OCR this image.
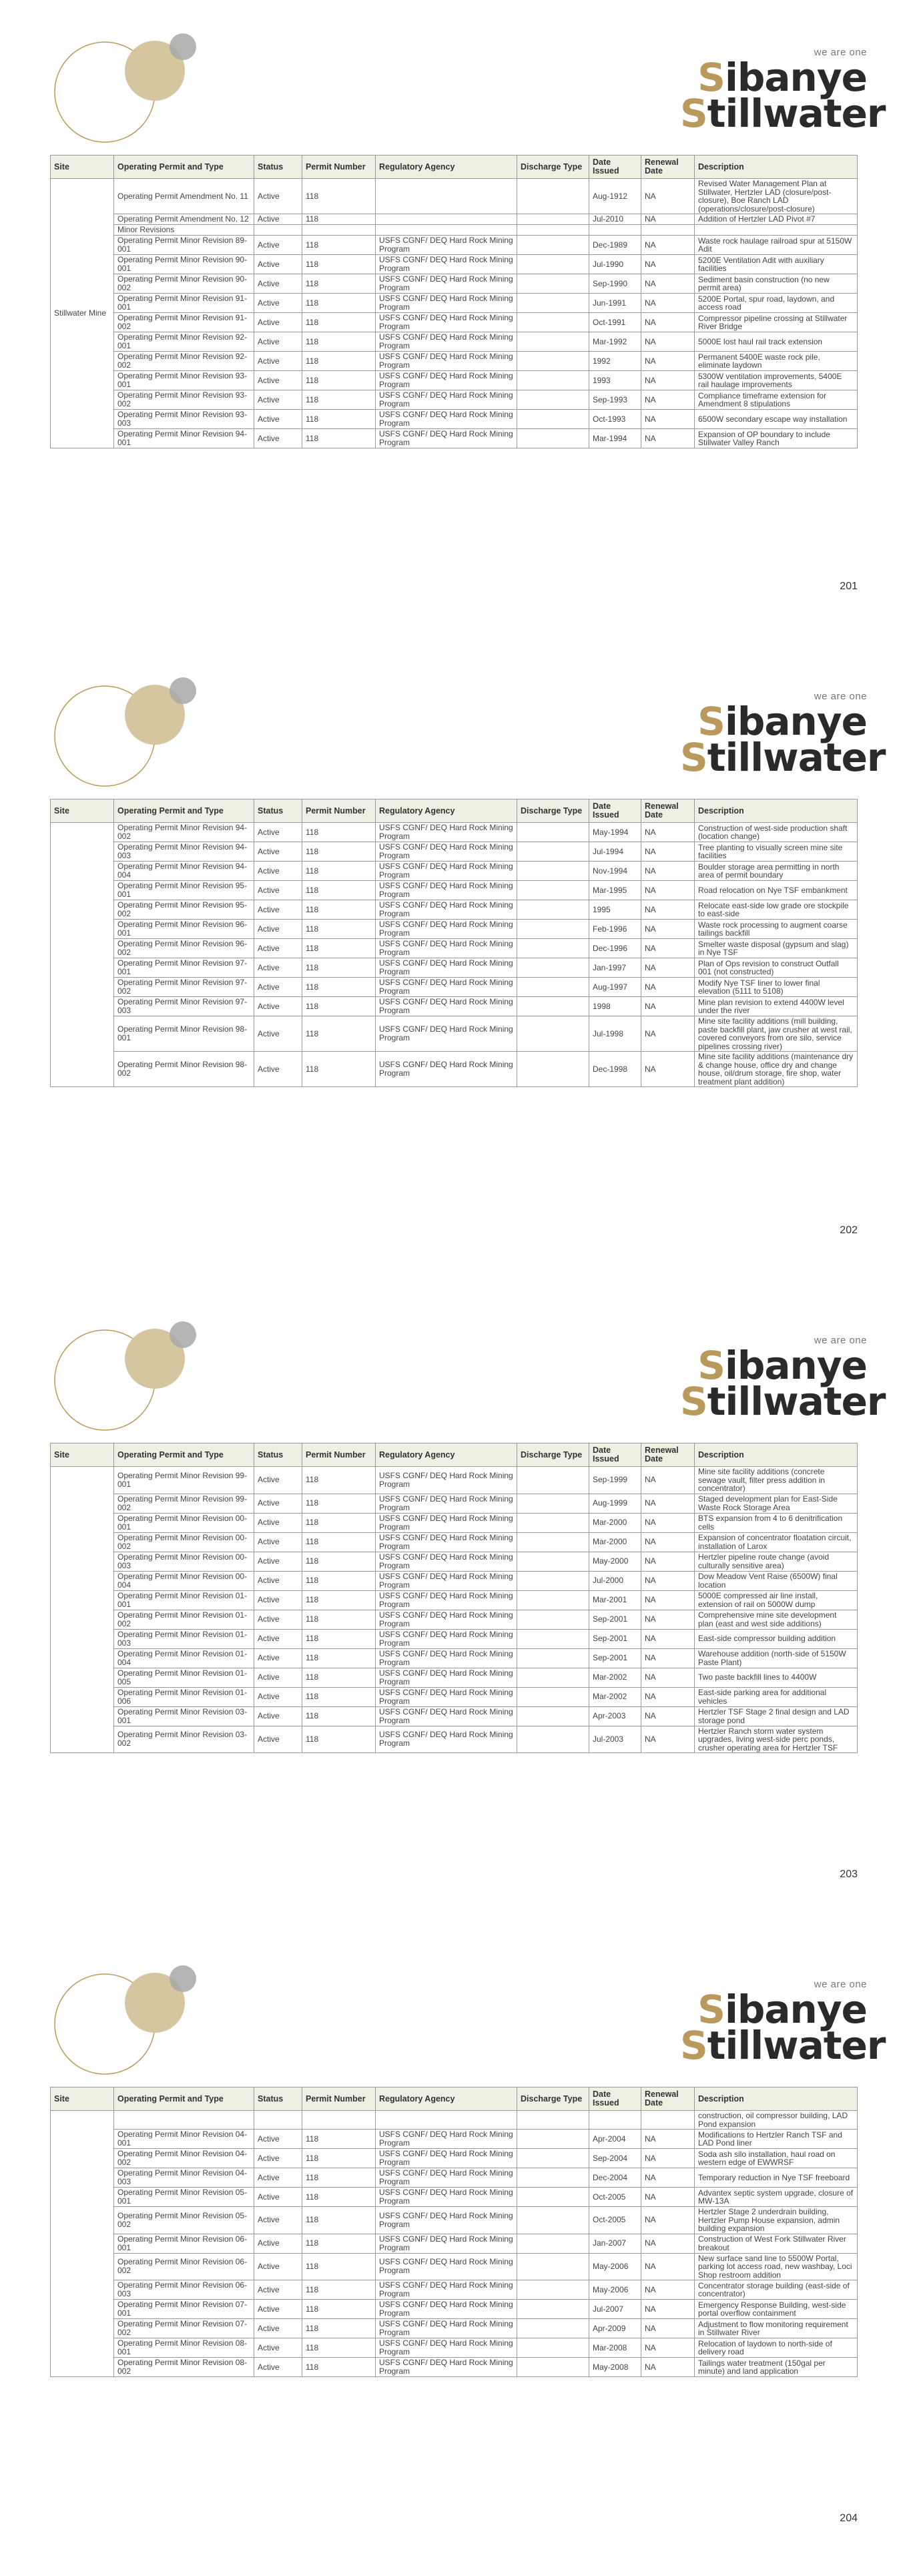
we are one
Sibanye
Stillwater
Site	Operating Permit and Type	Status	Permit Number	Regulatory Agency	Discharge Type	Date Issued	Renewal Date	Description
Stillwater Mine	Operating Permit Amendment No. 11	Active	118			Aug-1912	NA	Revised Water Management Plan at Stillwater, Hertzler LAD (closure/post-closure), Boe Ranch LAD (operations/closure/post-closure)
	Operating Permit Amendment No. 12	Active	118			Jul-2010	NA	Addition of Hertzler LAD Pivot #7
	Minor Revisions							
	Operating Permit Minor Revision 89-001	Active	118	USFS CGNF/ DEQ Hard Rock Mining Program		Dec-1989	NA	Waste rock haulage railroad spur at 5150W Adit
	Operating Permit Minor Revision 90-001	Active	118	USFS CGNF/ DEQ Hard Rock Mining Program		Jul-1990	NA	5200E Ventilation Adit with auxiliary facilities
	Operating Permit Minor Revision 90-002	Active	118	USFS CGNF/ DEQ Hard Rock Mining Program		Sep-1990	NA	Sediment basin construction (no new permit area)
	Operating Permit Minor Revision 91-001	Active	118	USFS CGNF/ DEQ Hard Rock Mining Program		Jun-1991	NA	5200E Portal, spur road, laydown, and access road
	Operating Permit Minor Revision 91-002	Active	118	USFS CGNF/ DEQ Hard Rock Mining Program		Oct-1991	NA	Compressor pipeline crossing at Stillwater River Bridge
	Operating Permit Minor Revision 92-001	Active	118	USFS CGNF/ DEQ Hard Rock Mining Program		Mar-1992	NA	5000E lost haul rail track extension
	Operating Permit Minor Revision 92-002	Active	118	USFS CGNF/ DEQ Hard Rock Mining Program		1992	NA	Permanent 5400E waste rock pile, eliminate laydown
	Operating Permit Minor Revision 93-001	Active	118	USFS CGNF/ DEQ Hard Rock Mining Program		1993	NA	5300W ventilation improvements, 5400E rail haulage improvements
	Operating Permit Minor Revision 93-002	Active	118	USFS CGNF/ DEQ Hard Rock Mining Program		Sep-1993	NA	Compliance timeframe extension for Amendment 8 stipulations
	Operating Permit Minor Revision 93-003	Active	118	USFS CGNF/ DEQ Hard Rock Mining Program		Oct-1993	NA	6500W secondary escape way installation
	Operating Permit Minor Revision 94-001	Active	118	USFS CGNF/ DEQ Hard Rock Mining Program		Mar-1994	NA	Expansion of OP boundary to include Stillwater Valley Ranch
201
we are one
Sibanye
Stillwater
Site	Operating Permit and Type	Status	Permit Number	Regulatory Agency	Discharge Type	Date Issued	Renewal Date	Description
	Operating Permit Minor Revision 94-002	Active	118	USFS CGNF/ DEQ Hard Rock Mining Program		May-1994	NA	Construction of west-side production shaft (location change)
	Operating Permit Minor Revision 94-003	Active	118	USFS CGNF/ DEQ Hard Rock Mining Program		Jul-1994	NA	Tree planting to visually screen mine site facilities
	Operating Permit Minor Revision 94-004	Active	118	USFS CGNF/ DEQ Hard Rock Mining Program		Nov-1994	NA	Boulder storage area permitting in north area of permit boundary
	Operating Permit Minor Revision 95-001	Active	118	USFS CGNF/ DEQ Hard Rock Mining Program		Mar-1995	NA	Road relocation on Nye TSF embankment
	Operating Permit Minor Revision 95-002	Active	118	USFS CGNF/ DEQ Hard Rock Mining Program		1995	NA	Relocate east-side low grade ore stockpile to east-side
	Operating Permit Minor Revision 96-001	Active	118	USFS CGNF/ DEQ Hard Rock Mining Program		Feb-1996	NA	Waste rock processing to augment coarse tailings backfill
	Operating Permit Minor Revision 96-002	Active	118	USFS CGNF/ DEQ Hard Rock Mining Program		Dec-1996	NA	Smelter waste disposal (gypsum and slag) in Nye TSF
	Operating Permit Minor Revision 97-001	Active	118	USFS CGNF/ DEQ Hard Rock Mining Program		Jan-1997	NA	Plan of Ops revision to construct Outfall 001 (not constructed)
	Operating Permit Minor Revision 97-002	Active	118	USFS CGNF/ DEQ Hard Rock Mining Program		Aug-1997	NA	Modify Nye TSF liner to lower final elevation (5111 to 5108)
	Operating Permit Minor Revision 97-003	Active	118	USFS CGNF/ DEQ Hard Rock Mining Program		1998	NA	Mine plan revision to extend 4400W level under the river
	Operating Permit Minor Revision 98-001	Active	118	USFS CGNF/ DEQ Hard Rock Mining Program		Jul-1998	NA	Mine site facility additions (mill building, paste backfill plant, jaw crusher at west rail, covered conveyors from ore silo, service pipelines crossing river)
	Operating Permit Minor Revision 98-002	Active	118	USFS CGNF/ DEQ Hard Rock Mining Program		Dec-1998	NA	Mine site facility additions (maintenance dry & change house, office dry and change house, oil/drum storage, fire shop, water treatment plant addition)
202
we are one
Sibanye
Stillwater
Site	Operating Permit and Type	Status	Permit Number	Regulatory Agency	Discharge Type	Date Issued	Renewal Date	Description
	Operating Permit Minor Revision 99-001	Active	118	USFS CGNF/ DEQ Hard Rock Mining Program		Sep-1999	NA	Mine site facility additions (concrete sewage vault, filter press addition in concentrator)
	Operating Permit Minor Revision 99-002	Active	118	USFS CGNF/ DEQ Hard Rock Mining Program		Aug-1999	NA	Staged development plan for East-Side Waste Rock Storage Area
	Operating Permit Minor Revision 00-001	Active	118	USFS CGNF/ DEQ Hard Rock Mining Program		Mar-2000	NA	BTS expansion from 4 to 6 denitrification cells
	Operating Permit Minor Revision 00-002	Active	118	USFS CGNF/ DEQ Hard Rock Mining Program		Mar-2000	NA	Expansion of concentrator floatation circuit, installation of Larox
	Operating Permit Minor Revision 00-003	Active	118	USFS CGNF/ DEQ Hard Rock Mining Program		May-2000	NA	Hertzler pipeline route change (avoid culturally sensitive area)
	Operating Permit Minor Revision 00-004	Active	118	USFS CGNF/ DEQ Hard Rock Mining Program		Jul-2000	NA	Dow Meadow Vent Raise (6500W) final location
	Operating Permit Minor Revision 01-001	Active	118	USFS CGNF/ DEQ Hard Rock Mining Program		Mar-2001	NA	5000E compressed air line install, extension of rail on 5000W dump
	Operating Permit Minor Revision 01-002	Active	118	USFS CGNF/ DEQ Hard Rock Mining Program		Sep-2001	NA	Comprehensive mine site development plan (east and west side additions)
	Operating Permit Minor Revision 01-003	Active	118	USFS CGNF/ DEQ Hard Rock Mining Program		Sep-2001	NA	East-side compressor building addition
	Operating Permit Minor Revision 01-004	Active	118	USFS CGNF/ DEQ Hard Rock Mining Program		Sep-2001	NA	Warehouse addition (north-side of 5150W Paste Plant)
	Operating Permit Minor Revision 01-005	Active	118	USFS CGNF/ DEQ Hard Rock Mining Program		Mar-2002	NA	Two paste backfill lines to 4400W
	Operating Permit Minor Revision 01-006	Active	118	USFS CGNF/ DEQ Hard Rock Mining Program		Mar-2002	NA	East-side parking area for additional vehicles
	Operating Permit Minor Revision 03-001	Active	118	USFS CGNF/ DEQ Hard Rock Mining Program		Apr-2003	NA	Hertzler TSF Stage 2 final design and LAD storage pond
	Operating Permit Minor Revision 03-002	Active	118	USFS CGNF/ DEQ Hard Rock Mining Program		Jul-2003	NA	Hertzler Ranch storm water system upgrades, living west-side perc ponds, crusher operating area for Hertzler TSF
203
we are one
Sibanye
Stillwater
Site	Operating Permit and Type	Status	Permit Number	Regulatory Agency	Discharge Type	Date Issued	Renewal Date	Description
								construction, oil compressor building, LAD Pond expansion
	Operating Permit Minor Revision 04-001	Active	118	USFS CGNF/ DEQ Hard Rock Mining Program		Apr-2004	NA	Modifications to Hertzler Ranch TSF and LAD Pond liner
	Operating Permit Minor Revision 04-002	Active	118	USFS CGNF/ DEQ Hard Rock Mining Program		Sep-2004	NA	Soda ash silo installation, haul road on western edge of EWWRSF
	Operating Permit Minor Revision 04-003	Active	118	USFS CGNF/ DEQ Hard Rock Mining Program		Dec-2004	NA	Temporary reduction in Nye TSF freeboard
	Operating Permit Minor Revision 05-001	Active	118	USFS CGNF/ DEQ Hard Rock Mining Program		Oct-2005	NA	Advantex septic system upgrade, closure of MW-13A
	Operating Permit Minor Revision 05-002	Active	118	USFS CGNF/ DEQ Hard Rock Mining Program		Oct-2005	NA	Hertzler Stage 2 underdrain building, Hertzler Pump House expansion, admin building expansion
	Operating Permit Minor Revision 06-001	Active	118	USFS CGNF/ DEQ Hard Rock Mining Program		Jan-2007	NA	Construction of West Fork Stillwater River breakout
	Operating Permit Minor Revision 06-002	Active	118	USFS CGNF/ DEQ Hard Rock Mining Program		May-2006	NA	New surface sand line to 5500W Portal, parking lot access road, new washbay, Loci Shop restroom addition
	Operating Permit Minor Revision 06-003	Active	118	USFS CGNF/ DEQ Hard Rock Mining Program		May-2006	NA	Concentrator storage building (east-side of concentrator)
	Operating Permit Minor Revision 07-001	Active	118	USFS CGNF/ DEQ Hard Rock Mining Program		Jul-2007	NA	Emergency Response Building, west-side portal overflow containment
	Operating Permit Minor Revision 07-002	Active	118	USFS CGNF/ DEQ Hard Rock Mining Program		Apr-2009	NA	Adjustment to flow monitoring requirement in Stillwater River
	Operating Permit Minor Revision 08-001	Active	118	USFS CGNF/ DEQ Hard Rock Mining Program		Mar-2008	NA	Relocation of laydown to north-side of delivery road
	Operating Permit Minor Revision 08-002	Active	118	USFS CGNF/ DEQ Hard Rock Mining Program		May-2008	NA	Tailings water treatment (150gal per minute) and land application
204
